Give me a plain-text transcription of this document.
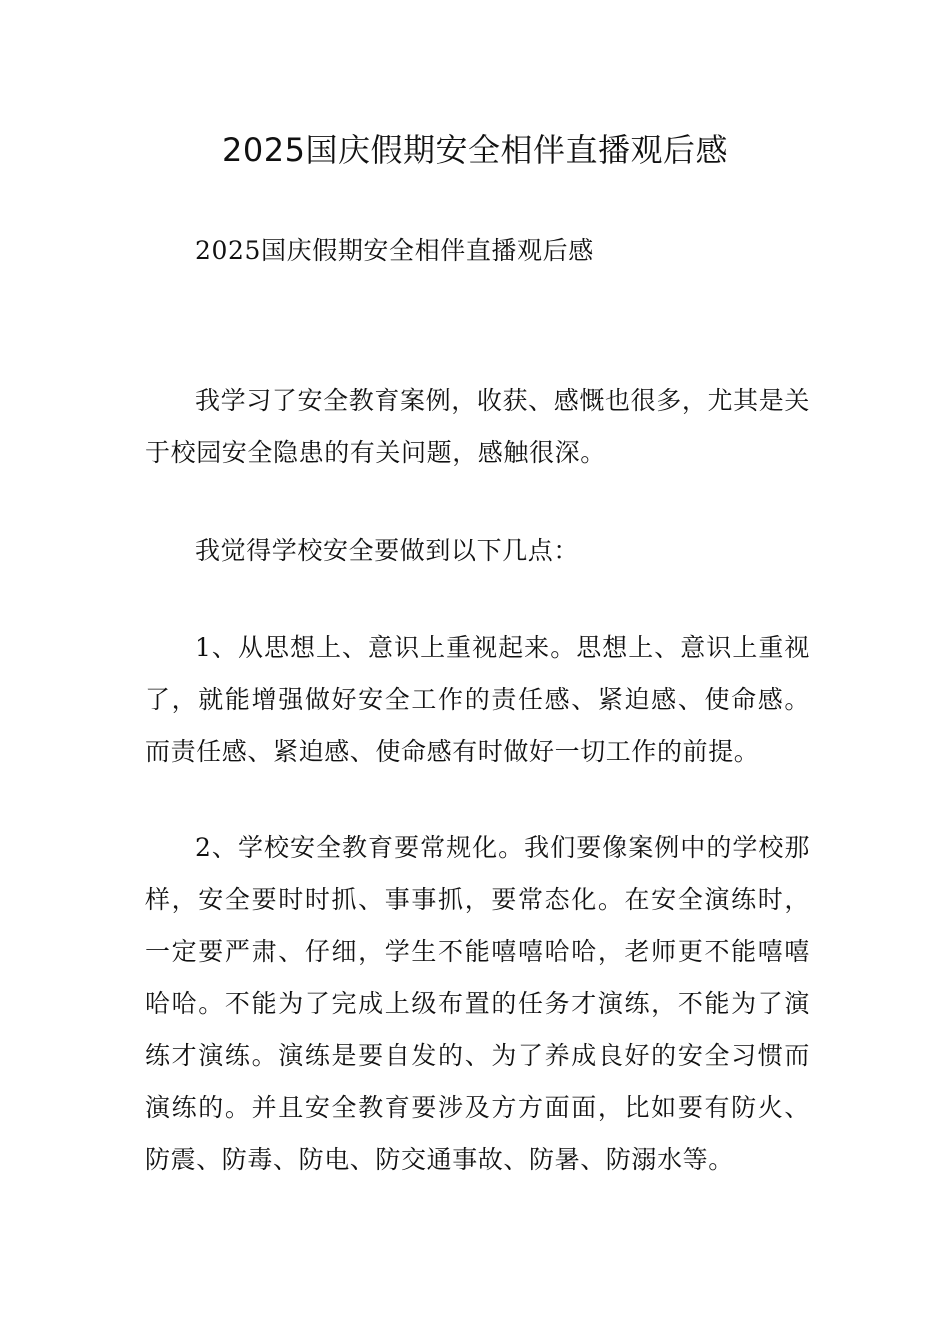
2025国庆假期安全相伴直播观后感

2025国庆假期安全相伴直播观后感

我学习了安全教育案例，收获、感慨也很多，尤其是关于校园安全隐患的有关问题，感触很深。

我觉得学校安全要做到以下几点：

1、从思想上、意识上重视起来。思想上、意识上重视了，就能增强做好安全工作的责任感、紧迫感、使命感。而责任感、紧迫感、使命感有时做好一切工作的前提。

2、学校安全教育要常规化。我们要像案例中的学校那样，安全要时时抓、事事抓，要常态化。在安全演练时，一定要严肃、仔细，学生不能嘻嘻哈哈，老师更不能嘻嘻哈哈。不能为了完成上级布置的任务才演练，不能为了演练才演练。演练是要自发的、为了养成良好的安全习惯而演练的。并且安全教育要涉及方方面面，比如要有防火、防震、防毒、防电、防交通事故、防暑、防溺水等。
